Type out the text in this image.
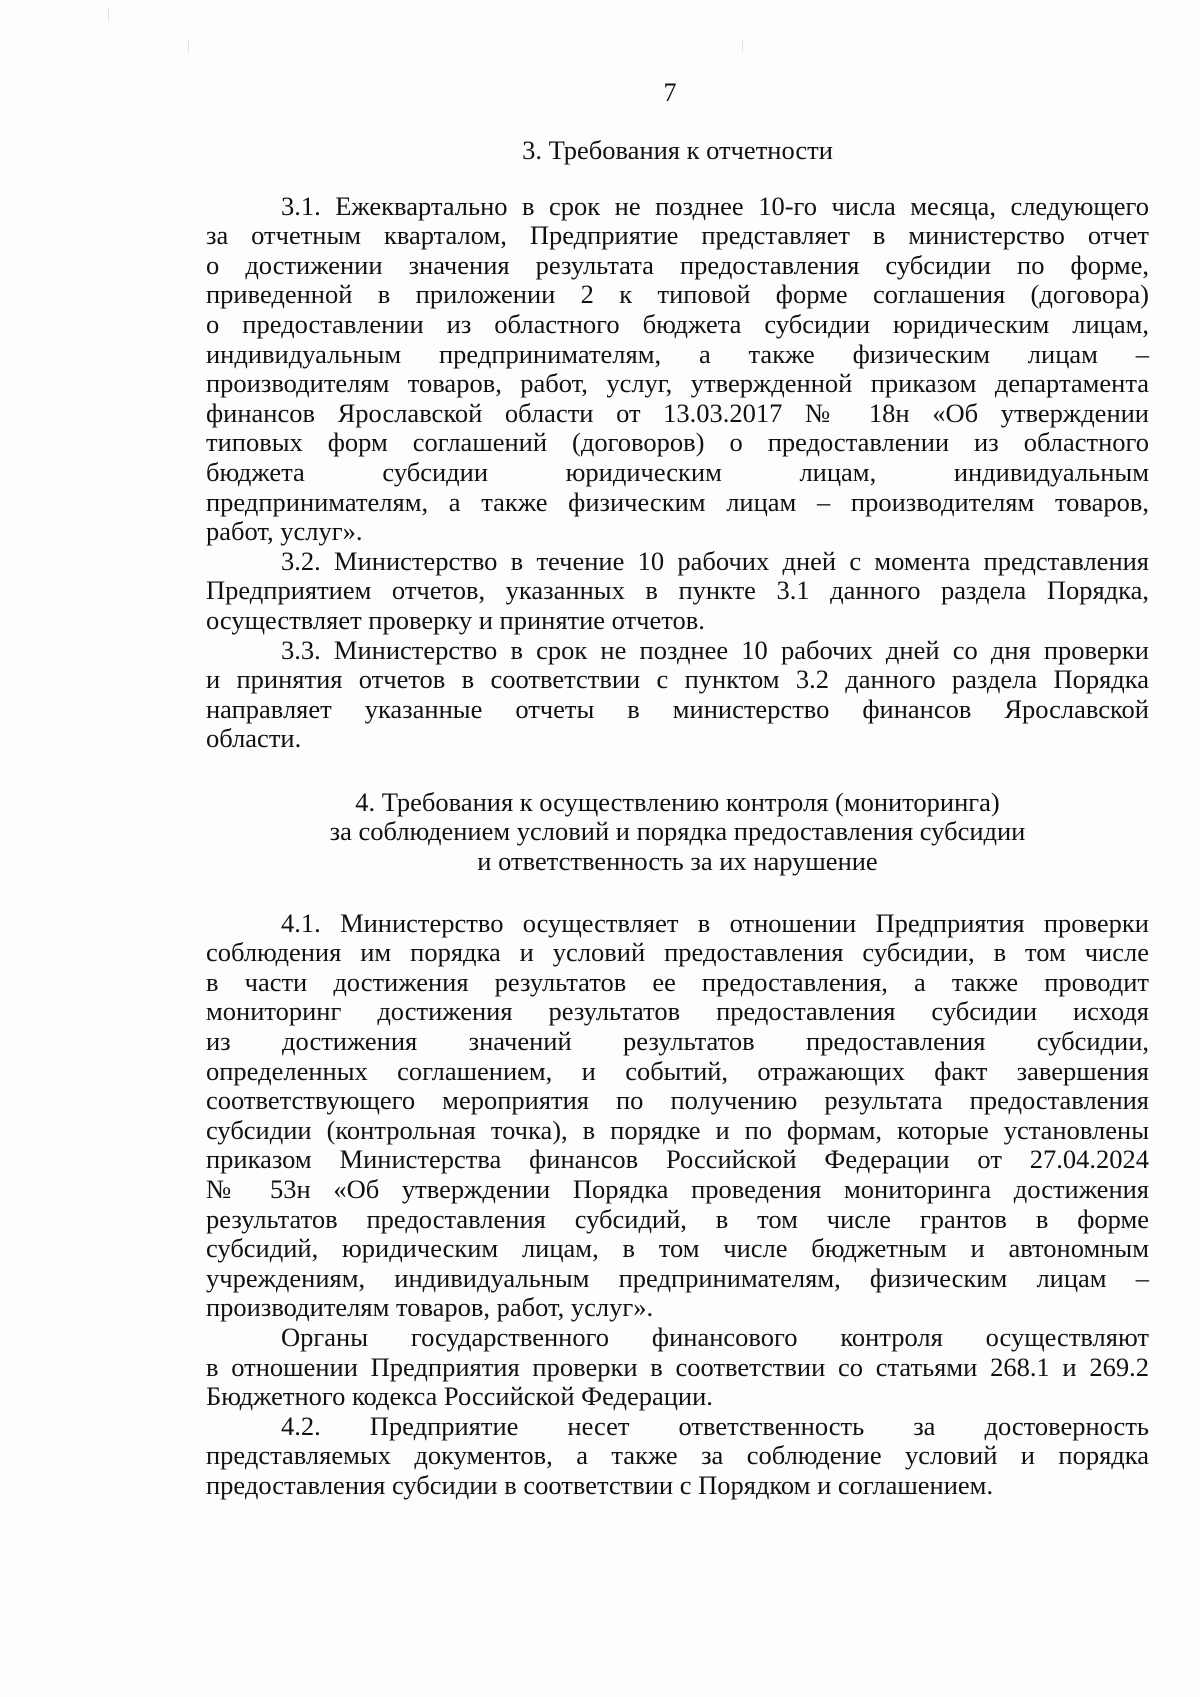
7
3. Требования к отчетности
3.1. Ежеквартально в срок не позднее 10-го числа месяца, следующего
за отчетным кварталом, Предприятие представляет в министерство отчет
о достижении значения результата предоставления субсидии по форме,
приведенной в приложении 2 к типовой форме соглашения (договора)
о предоставлении из областного бюджета субсидии юридическим лицам,
индивидуальным предпринимателям, а также физическим лицам –
производителям товаров, работ, услуг, утвержденной приказом департамента
финансов Ярославской области от 13.03.2017 № 18н «Об утверждении
типовых форм соглашений (договоров) о предоставлении из областного
бюджета субсидии юридическим лицам, индивидуальным
предпринимателям, а также физическим лицам – производителям товаров,
работ, услуг».
3.2. Министерство в течение 10 рабочих дней с момента представления
Предприятием отчетов, указанных в пункте 3.1 данного раздела Порядка,
осуществляет проверку и принятие отчетов.
3.3. Министерство в срок не позднее 10 рабочих дней со дня проверки
и принятия отчетов в соответствии с пунктом 3.2 данного раздела Порядка
направляет указанные отчеты в министерство финансов Ярославской
области.
4. Требования к осуществлению контроля (мониторинга)
за соблюдением условий и порядка предоставления субсидии
и ответственность за их нарушение
4.1. Министерство осуществляет в отношении Предприятия проверки
соблюдения им порядка и условий предоставления субсидии, в том числе
в части достижения результатов ее предоставления, а также проводит
мониторинг достижения результатов предоставления субсидии исходя
из достижения значений результатов предоставления субсидии,
определенных соглашением, и событий, отражающих факт завершения
соответствующего мероприятия по получению результата предоставления
субсидии (контрольная точка), в порядке и по формам, которые установлены
приказом Министерства финансов Российской Федерации от 27.04.2024
№ 53н «Об утверждении Порядка проведения мониторинга достижения
результатов предоставления субсидий, в том числе грантов в форме
субсидий, юридическим лицам, в том числе бюджетным и автономным
учреждениям, индивидуальным предпринимателям, физическим лицам –
производителям товаров, работ, услуг».
Органы государственного финансового контроля осуществляют
в отношении Предприятия проверки в соответствии со статьями 268.1 и 269.2
Бюджетного кодекса Российской Федерации.
4.2. Предприятие несет ответственность за достоверность
представляемых документов, а также за соблюдение условий и порядка
предоставления субсидии в соответствии с Порядком и соглашением.
